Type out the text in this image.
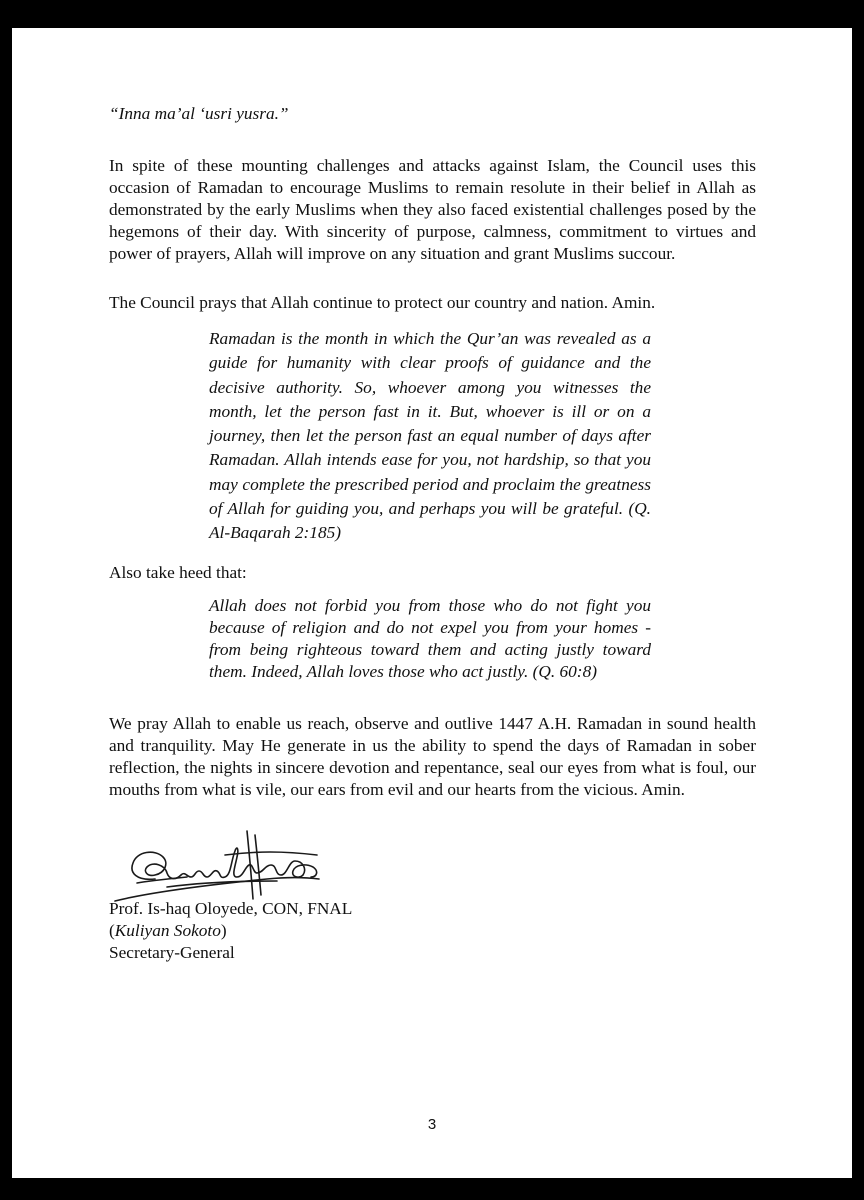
“Inna ma’al ‘usri yusra.”

In spite of these mounting challenges and attacks against Islam, the Council uses this occasion of Ramadan to encourage Muslims to remain resolute in their belief in Allah as demonstrated by the early Muslims when they also faced existential challenges posed by the hegemons of their day. With sincerity of purpose, calmness, commitment to virtues and power of prayers, Allah will improve on any situation and grant Muslims succour.

The Council prays that Allah continue to protect our country and nation. Amin.

Ramadan is the month in which the Qur’an was revealed as a guide for humanity with clear proofs of guidance and the decisive authority. So, whoever among you witnesses the month, let the person fast in it. But, whoever is ill or on a journey, then let the person fast an equal number of days after Ramadan. Allah intends ease for you, not hardship, so that you may complete the prescribed period and proclaim the greatness of Allah for guiding you, and perhaps you will be grateful. (Q. Al-Baqarah 2:185)

Also take heed that:

Allah does not forbid you from those who do not fight you because of religion and do not expel you from your homes - from being righteous toward them and acting justly toward them. Indeed, Allah loves those who act justly. (Q. 60:8)

We pray Allah to enable us reach, observe and outlive 1447 A.H. Ramadan in sound health and tranquility. May He generate in us the ability to spend the days of Ramadan in sober reflection, the nights in sincere devotion and repentance, seal our eyes from what is foul, our mouths from what is vile, our ears from evil and our hearts from the vicious. Amin.

Prof. Is-haq Oloyede, CON, FNAL
(Kuliyan Sokoto)
Secretary-General
3
